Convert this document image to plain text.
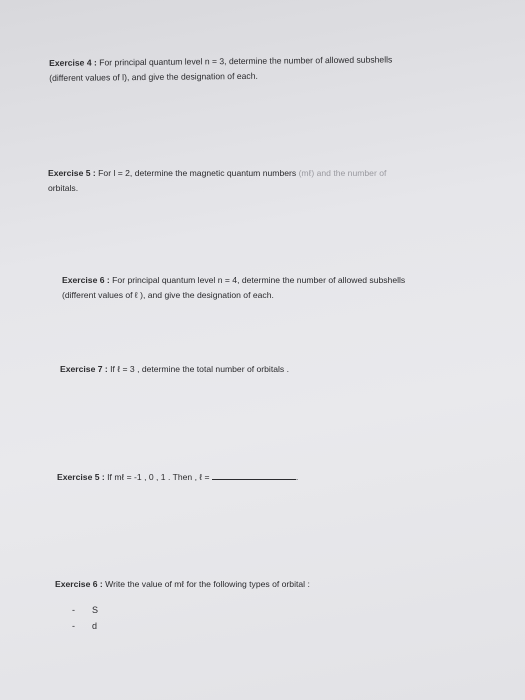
Exercise 4 : For principal quantum level n = 3, determine the number of allowed subshells
(different values of l), and give the designation of each.
Exercise 5 : For l = 2, determine the magnetic quantum numbers (mℓ) and the number of
orbitals.
Exercise 6 : For principal quantum level n = 4, determine the number of allowed subshells
(different values of ℓ ), and give the designation of each.
Exercise 7 : If ℓ = 3 , determine the total number of orbitals .
Exercise 5 : If mℓ = -1 , 0 , 1 . Then , ℓ =	.
Exercise 6 : Write the value of mℓ for the following types of orbital :
-	S
-	d
